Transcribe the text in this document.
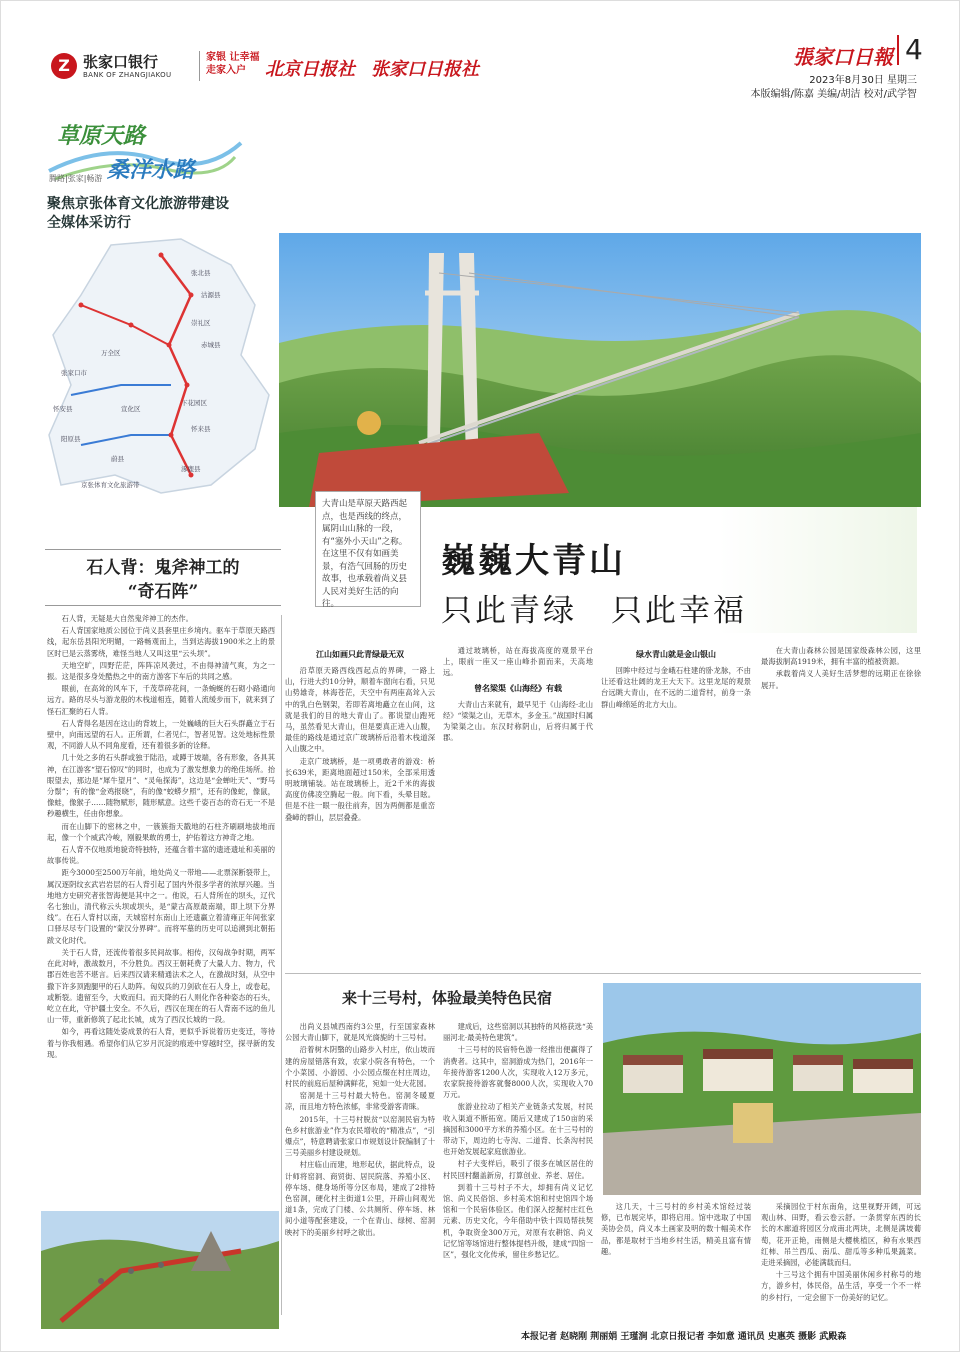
Z 张家口银行
BANK OF ZHANGJIAKOU
家银 让幸福走家入户	北京日报社 张家口日报社
張家口日報 4
2023年8月30日 星期三
本版编辑/陈嘉 美编/胡洁 校对/武学智
草原天路
桑洋水路
腾路|张家|畅游
聚焦京张体育文化旅游带建设
全媒体采访行
张北县
沽源县
崇礼区
赤城县
万全区
张家口市
怀安县	宣化区
下花园区
怀来县
阳原县
蔚县
涿鹿县
京张体育文化旅游带
大青山是草原天路西起点，也是西线的终点，属阴山山脉的一段，有“塞外小天山”之称。在这里不仅有如画美景，有浩气回肠的历史故事，也承载着尚义县人民对美好生活的向往。
巍巍大青山
只此青绿　只此幸福
石人背：鬼斧神工的
“奇石阵”

石人背，无疑是大自然鬼斧神工的杰作。

石人背国家地质公园位于尚义县套里庄乡境内。驱车于草原天路西线，起东岳县阳光明媚，一路畅观而上，当到达海拔1900米之上的景区时已是云蒸雾绕，难怪当地人又叫这里“云头坝”。

天地空旷，四野茫茫，阵阵凉风袭过，不由得神清气爽，为之一振。这是很多身处酷热之中的南方游客下车后的共同之感。

眼前，在高耸的风车下，千茂草碎花间，一条蜿蜒的石砌小路通向远方。路的尽头与游龙般的木栈道相连，随着人流缓步而下，就来到了怪石汇聚的石人背。

石人背得名是因在这山的背坡上，一处巍峨的巨大石头群矗立于石壁中，向南远望的石人。正所谓，仁者见仁，智者见智。这处地标性景观，不同游人从不同角度看，还有着很多新的诠释。

几十处之多的石头群或独于陆沿，或蹲于坡端，各有形象，各具其神，在江游客“望石惊叹”的同时，也成为了激发想象力的绝佳场所。抬眼望去，那边是“犀牛望月”、“灵龟探海”，这边是“金蝉吐天”、“野马分鬃”；有的像“金鸡报晓”，有的像“蛟蟒夕照”，还有的像蛇，像鼠，像蛙，像猴子……随物赋形，随形赋意。这些千姿百态的奇石无一不是秒趣横生，任由你想象。

而在山脚下的密林之中，一簇簇指天戳地的石柱齐刷刷地拔地而起，像一个个威武冷峻，刚毅果敢的勇士，护佑着这方神奇之地。

石人背不仅地质地貌奇特独特，还蕴含着丰富的遗迹遗址和美丽的故事传说。

距今3000至2500万年前，地处尚义一带地——北票深断裂带上，属汉逐阴纹玄武岩岩层的石人背引起了国内外很多学者的浓厚兴趣。当地地方史研究者张智海便是其中之一。他说，石人背所在的坝头，辽代名七独山，清代称云头坝或坝头，是“蒙古高原最南端，即上坝下分界线”。在石人背村以南，天城窑村东南山上还遗赢立着清雍正年间张家口驿尽尽专门设置的“蒙汉分界碑”。而将军墓的历史可以追溯到北朝拓跋文化时代。

关于石人背，还流传着很多民间故事。相传，汉匈战争时期，两军在此对峙，激战数月，不分胜负。西汉王朝耗费了大量人力、物力，代郡百姓也苦不堪言。后来西汉请来精通法术之人，在激战时刻，从空中撒下许多顶跑腿甲的石人助阵。匈奴兵的刀剑砍在石人身上，或卷起，或断裂。遗留至今，大败而归。而天降的石人则化作各种姿态的石头，屹立在此，守护疆土安全。不久后，西汉在现在的石人背南不远的鱼儿山一带，重新修筑了起北长城，成为了西汉长城的一段。

如今，再看这随处姿成景的石人背，更似乎诉说着历史变迁，等待着与你我相遇。希望你们从它岁月沉淀的痕迹中穿越时空，探寻新的发现。

江山如画只此青绿最无双

沿草原天路西线西起点的界碑，一路上山，行进大约10分钟，顺着车窗向右看，只见山势雄奇，林海苍茫，天空中有两座高耸入云中的乳白色钢架，若即若离地矗立在山间，这就是我们的目的地大青山了。都说望山跑死马，虽然看见大青山，但是要真正进入山腹，最佳的路线是通过京广玻璃桥后沿着木栈道深入山腹之中。

走京广玻璃桥，是一项勇敢者的游戏：桥长639米，距离地面超过150米，全部采用透明玻璃铺装。站在玻璃桥上，近2千米的海拔高度仿佛凌空腾起一般。向下看，头晕目眩。但是不往一眼一般往前奔，因为两侧都是重峦叠嶂的群山，层层叠叠。

通过玻璃桥，站在海拔高度的观景平台上，眼前一座又一座山峰扑面而来，天高地远。

曾名梁渠《山海经》有载

大青山古来就有，最早见于《山海经·北山经》“梁渠之山，无草木，多金玉。”战国时归属为梁渠之山。东汉时称阴山，后将归属于代郡。

绿水青山就是金山银山

回眸中经过与金峨石柱建的卧龙脉，不由让还看这壮阔的龙王大天下。这里龙尾的观景台远眺大青山，在不远的二道背村，前身一条群山峰绵延的北方大山。

在大青山森林公园是国家级森林公园，这里最海拔制高1919米，拥有丰富的植被资源。

承载着尚义人美好生活梦想的远期正在徐徐展开。

来十三号村，体验最美特色民宿

出尚义县城西南约3公里，行至国家森林公园大青山脚下，就是风光旖旎的十三号村。

沿着树木阴翳的山路步入村庄，依山坡而建的房屋错落有致，农家小院各有特色，一个个小菜园、小游园、小公园点缀在村庄周边，村民的前庭后屋种满鲜花，宛如一处大花园。

窑洞是十三号村最大特色。窑洞冬暖夏凉，而且地方特色浓郁，非常受游客青睐。

2015年，十三号村脱贫“以窑洞民宿为特色乡村旅游业”作为农民增收的“精准点”，“引爆点”，特意聘请张家口市规划设计院编制了十三号美丽乡村建设规划。

村庄临山而建，地形起伏，据此特点，设计师将窑洞、商贸街、居民院落、养殖小区、停车场、健身场所等分区布局，建成了2排特色窑洞，硬化村主街道1公里，开辟山间观光道1条，完成了门楼、公共厕所、停车场、林间小道等配套建设，一个在青山、绿树、窑洞映衬下的美丽乡村呼之欲出。

建成后，这些窑洞以其独特的风格获选“美丽河北·最美特色建筑”。

十三号村的民宿特色游一经推出便赢得了消费者。这其中，窑洞游成为热门，2016年一年接待游客1200人次，实现收入12万多元，农家院接待游客就餐8000人次，实现收入70万元。

旅游业拉动了相关产业链条式发展，村民收入渠道不断拓宽。随后又建成了150亩的采摘园和3000平方米的养殖小区。在十三号村的带动下，周边的七寺沟、二道背、长条沟村民也开始发展起家庭旅游业。

村子大变样后，吸引了很多在城区居住的村民回村翻盖新房，打算创业、养老、居住。

到着十三号村子不大，却拥有尚义记忆馆、尚义民俗馆、乡村美术馆和村史馆四个场馆和一个民宿体验区。他们深入挖掘村庄红色元素、历史文化，今年借助中铁十四局帮扶契机，争取资金300万元，对原有农耕馆、尚义记忆馆等场馆进行整体提档升级，建成“四馆一区”，强化文化传承，留住乡愁记忆。

这几天，十三号村的乡村美术馆经过装修，已布展完毕，即将启用。馆中选取了中国美协会员，尚义本土画家及明的数十幅美术作品，都是取材于当地乡村生活，精美且富有情趣。

采摘园位于村东南角，这里视野开阔，可远观山林、田野，看云卷云舒。一条贯穿东西的长长的木廊道将园区分成南北两块，北侧是满坡葡萄，花开正艳，南侧是大樱桃植区，种有水果西红柿、吊兰西瓜、南瓜、甜瓜等多种瓜果蔬菜。走进采摘园，必能满载而归。

十三号这个拥有中国美丽休闲乡村称号的地方，游乡村，体民俗，品生活，享受一个不一样的乡村行，一定会留下一份美好的记忆。

本报记者 赵晓刚 荆丽娟 王瑾涧 北京日报记者 李如意 通讯员 史惠英 摄影 武殿森
